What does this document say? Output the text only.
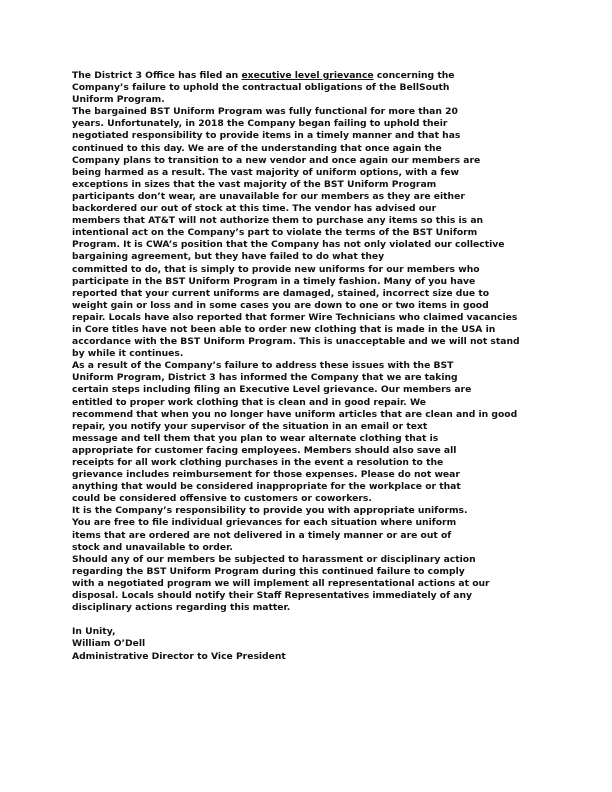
The District 3 Office has filed an executive level grievance concerning the
Company’s failure to uphold the contractual obligations of the BellSouth
Uniform Program.

The bargained BST Uniform Program was fully functional for more than 20
years. Unfortunately, in 2018 the Company began failing to uphold their
negotiated responsibility to provide items in a timely manner and that has
continued to this day. We are of the understanding that once again the
Company plans to transition to a new vendor and once again our members are
being harmed as a result. The vast majority of uniform options, with a few
exceptions in sizes that the vast majority of the BST Uniform Program
participants don’t wear, are unavailable for our members as they are either
backordered our out of stock at this time. The vendor has advised our
members that AT&T will not authorize them to purchase any items so this is an
intentional act on the Company’s part to violate the terms of the BST Uniform
Program. It is CWA’s position that the Company has not only violated our collective
bargaining agreement, but they have failed to do what they
committed to do, that is simply to provide new uniforms for our members who
participate in the BST Uniform Program in a timely fashion. Many of you have
reported that your current uniforms are damaged, stained, incorrect size due to
weight gain or loss and in some cases you are down to one or two items in good
repair. Locals have also reported that former Wire Technicians who claimed vacancies
in Core titles have not been able to order new clothing that is made in the USA in
accordance with the BST Uniform Program. This is unacceptable and we will not stand
by while it continues.
As a result of the Company’s failure to address these issues with the BST
Uniform Program, District 3 has informed the Company that we are taking
certain steps including filing an Executive Level grievance. Our members are
entitled to proper work clothing that is clean and in good repair. We
recommend that when you no longer have uniform articles that are clean and in good
repair, you notify your supervisor of the situation in an email or text
message and tell them that you plan to wear alternate clothing that is
appropriate for customer facing employees. Members should also save all
receipts for all work clothing purchases in the event a resolution to the
grievance includes reimbursement for those expenses. Please do not wear
anything that would be considered inappropriate for the workplace or that
could be considered offensive to customers or coworkers.
It is the Company’s responsibility to provide you with appropriate uniforms.
You are free to file individual grievances for each situation where uniform
items that are ordered are not delivered in a timely manner or are out of
stock and unavailable to order.
Should any of our members be subjected to harassment or disciplinary action
regarding the BST Uniform Program during this continued failure to comply
with a negotiated program we will implement all representational actions at our
disposal. Locals should notify their Staff Representatives immediately of any
disciplinary actions regarding this matter.

In Unity,
William O’Dell
Administrative Director to Vice President
